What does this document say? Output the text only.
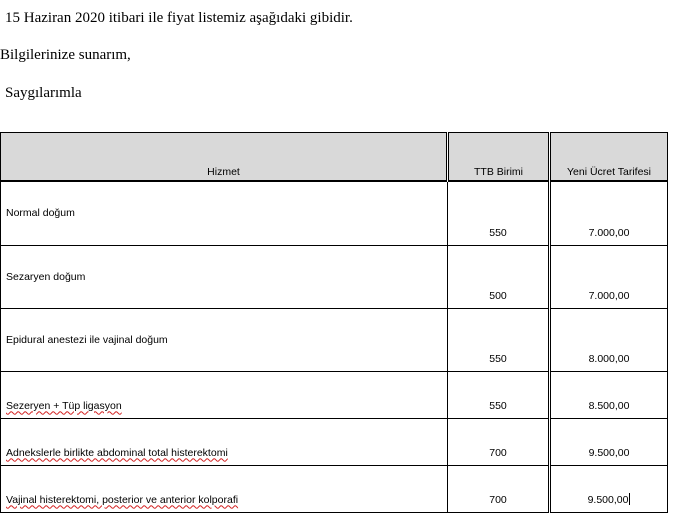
15 Haziran 2020 itibari ile fiyat listemiz aşağıdaki gibidir.
Bilgilerinize sunarım,
Saygılarımla
Hizmet	TTB Birimi	Yeni Ücret Tarifesi
Normal doğum	550	7.000,00
Sezaryen doğum	500	7.000,00
Epidural anestezi ile vajinal doğum	550	8.000,00
Sezeryen + Tüp ligasyon	550	8.500,00
Adnekslerle birlikte abdominal total histerektomi	700	9.500,00
Vajinal histerektomi, posterior ve anterior kolporafi	700	9.500,00
